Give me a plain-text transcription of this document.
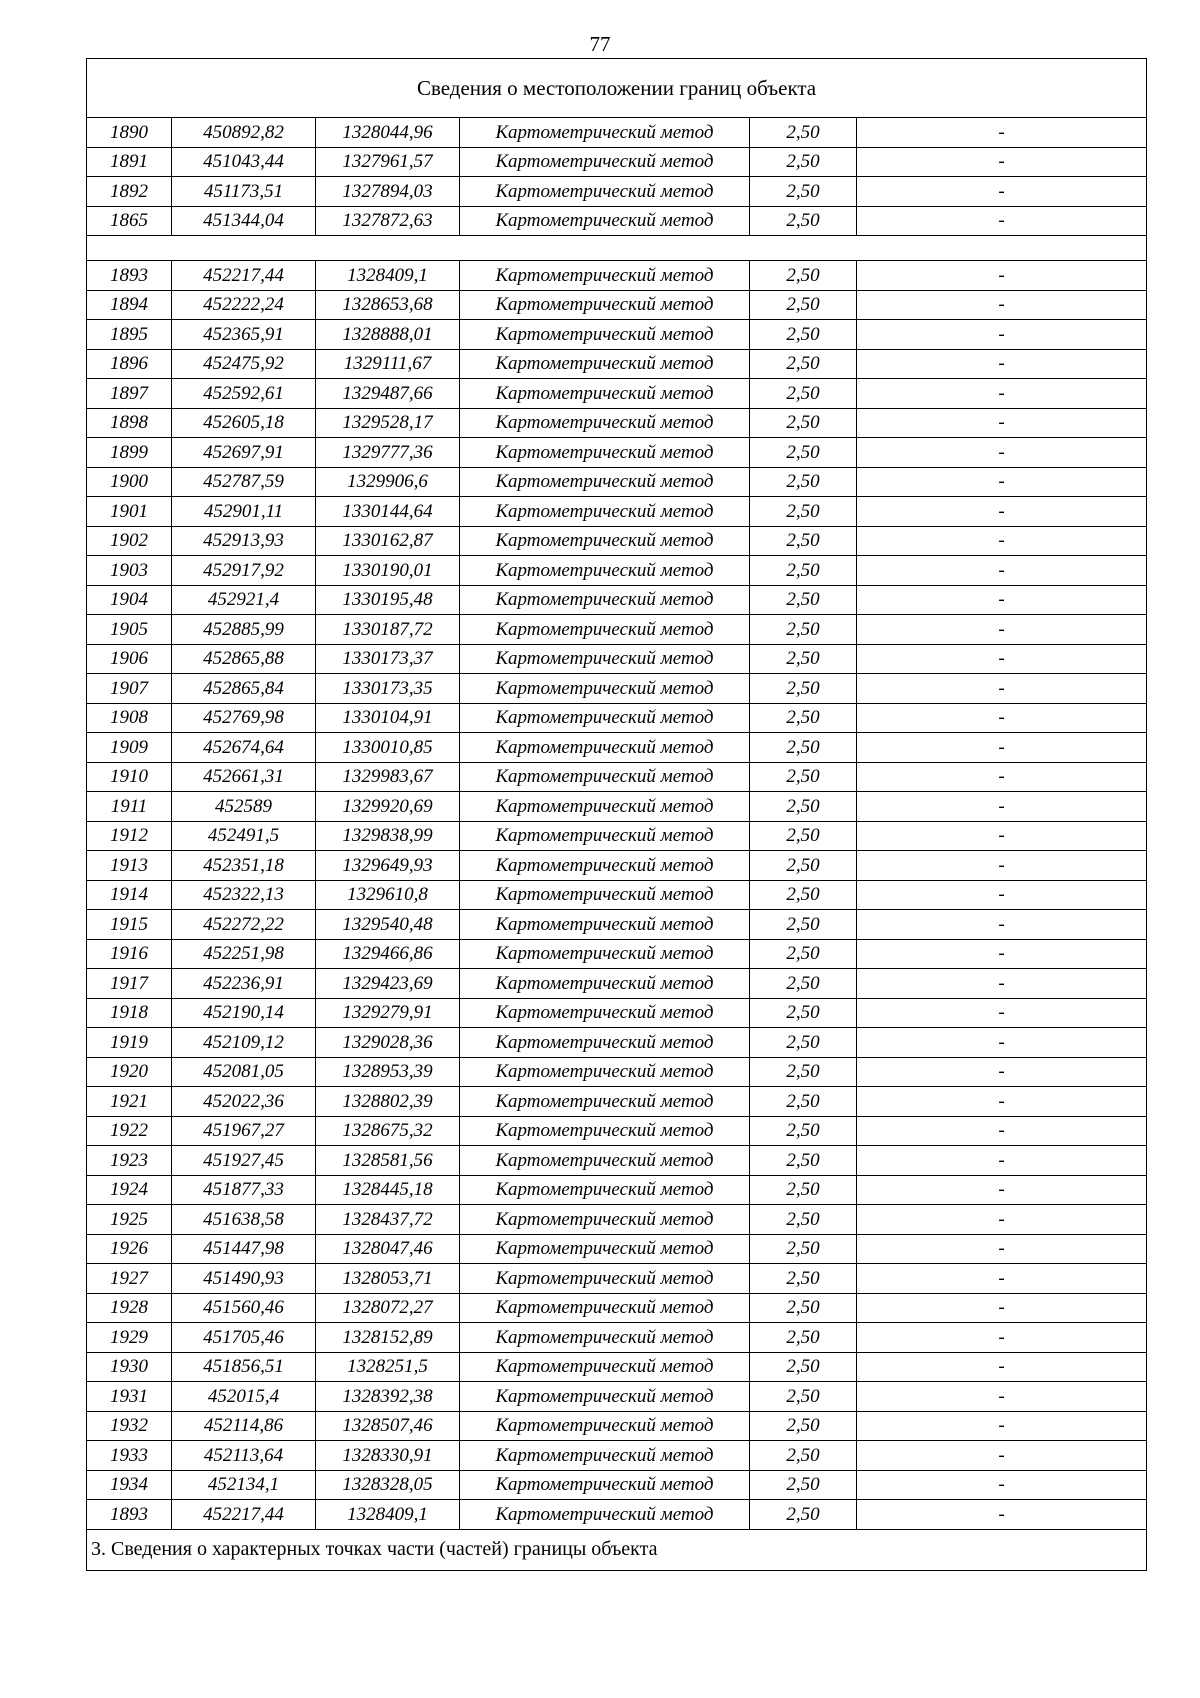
77
Сведения о местоположении границ объекта					
1890	450892,82	1328044,96	Картометрический метод	2,50	-
1891	451043,44	1327961,57	Картометрический метод	2,50	-
1892	451173,51	1327894,03	Картометрический метод	2,50	-
1865	451344,04	1327872,63	Картометрический метод	2,50	-

1893	452217,44	1328409,1	Картометрический метод	2,50	-
1894	452222,24	1328653,68	Картометрический метод	2,50	-
1895	452365,91	1328888,01	Картометрический метод	2,50	-
1896	452475,92	1329111,67	Картометрический метод	2,50	-
1897	452592,61	1329487,66	Картометрический метод	2,50	-
1898	452605,18	1329528,17	Картометрический метод	2,50	-
1899	452697,91	1329777,36	Картометрический метод	2,50	-
1900	452787,59	1329906,6	Картометрический метод	2,50	-
1901	452901,11	1330144,64	Картометрический метод	2,50	-
1902	452913,93	1330162,87	Картометрический метод	2,50	-
1903	452917,92	1330190,01	Картометрический метод	2,50	-
1904	452921,4	1330195,48	Картометрический метод	2,50	-
1905	452885,99	1330187,72	Картометрический метод	2,50	-
1906	452865,88	1330173,37	Картометрический метод	2,50	-
1907	452865,84	1330173,35	Картометрический метод	2,50	-
1908	452769,98	1330104,91	Картометрический метод	2,50	-
1909	452674,64	1330010,85	Картометрический метод	2,50	-
1910	452661,31	1329983,67	Картометрический метод	2,50	-
1911	452589	1329920,69	Картометрический метод	2,50	-
1912	452491,5	1329838,99	Картометрический метод	2,50	-
1913	452351,18	1329649,93	Картометрический метод	2,50	-
1914	452322,13	1329610,8	Картометрический метод	2,50	-
1915	452272,22	1329540,48	Картометрический метод	2,50	-
1916	452251,98	1329466,86	Картометрический метод	2,50	-
1917	452236,91	1329423,69	Картометрический метод	2,50	-
1918	452190,14	1329279,91	Картометрический метод	2,50	-
1919	452109,12	1329028,36	Картометрический метод	2,50	-
1920	452081,05	1328953,39	Картометрический метод	2,50	-
1921	452022,36	1328802,39	Картометрический метод	2,50	-
1922	451967,27	1328675,32	Картометрический метод	2,50	-
1923	451927,45	1328581,56	Картометрический метод	2,50	-
1924	451877,33	1328445,18	Картометрический метод	2,50	-
1925	451638,58	1328437,72	Картометрический метод	2,50	-
1926	451447,98	1328047,46	Картометрический метод	2,50	-
1927	451490,93	1328053,71	Картометрический метод	2,50	-
1928	451560,46	1328072,27	Картометрический метод	2,50	-
1929	451705,46	1328152,89	Картометрический метод	2,50	-
1930	451856,51	1328251,5	Картометрический метод	2,50	-
1931	452015,4	1328392,38	Картометрический метод	2,50	-
1932	452114,86	1328507,46	Картометрический метод	2,50	-
1933	452113,64	1328330,91	Картометрический метод	2,50	-
1934	452134,1	1328328,05	Картометрический метод	2,50	-
1893	452217,44	1328409,1	Картометрический метод	2,50	-
3. Сведения о характерных точках части (частей) границы объекта					
